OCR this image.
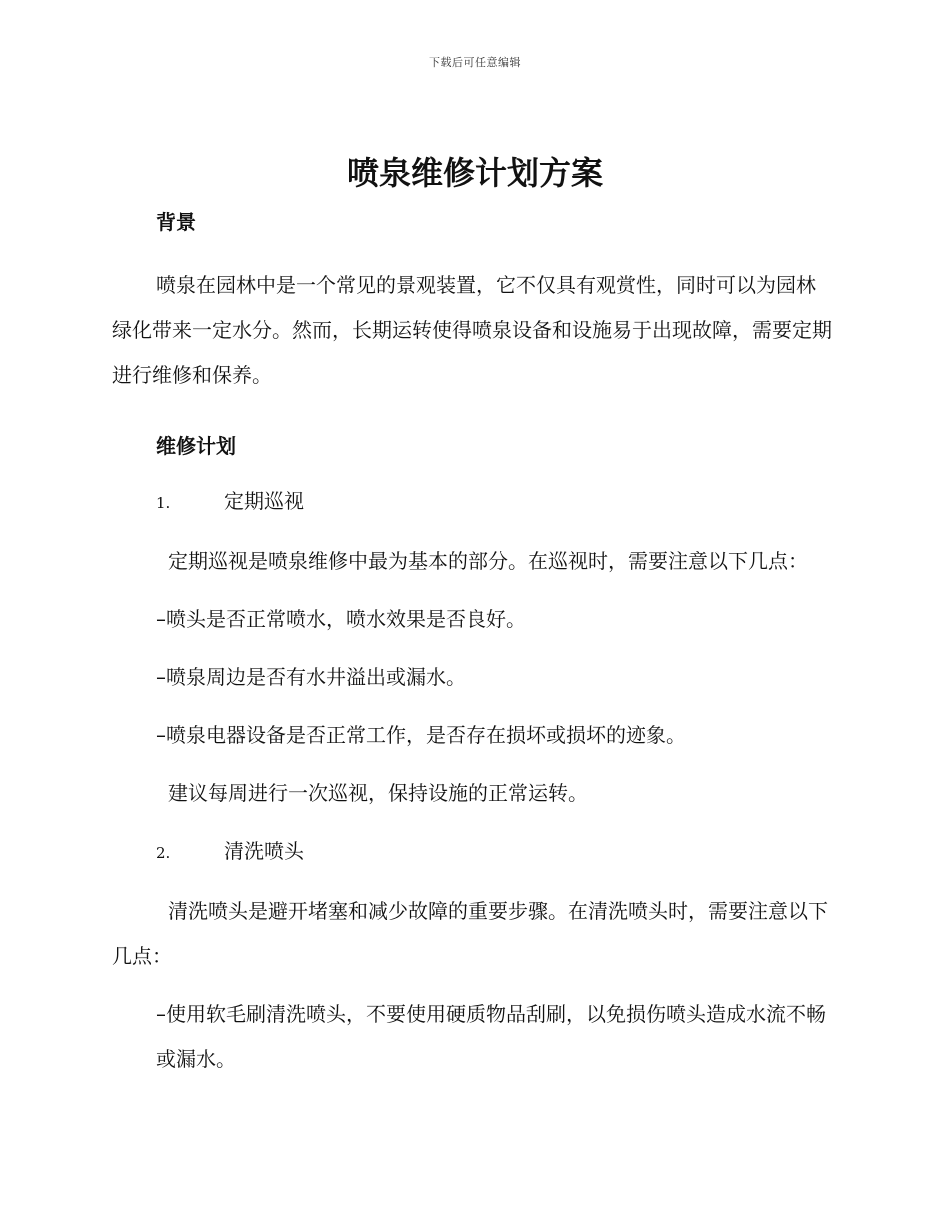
下载后可任意编辑
喷泉维修计划方案
背景

喷泉在园林中是一个常见的景观装置，它不仅具有观赏性，同时可以为园林绿化带来一定水分。然而，长期运转使得喷泉设备和设施易于出现故障，需要定期进行维修和保养。

维修计划
1.	定期巡视

定期巡视是喷泉维修中最为基本的部分。在巡视时，需要注意以下几点：

–喷头是否正常喷水，喷水效果是否良好。

–喷泉周边是否有水井溢出或漏水。

–喷泉电器设备是否正常工作，是否存在损坏或损坏的迹象。

建议每周进行一次巡视，保持设施的正常运转。

2.	清洗喷头

清洗喷头是避开堵塞和减少故障的重要步骤。在清洗喷头时，需要注意以下几点：

–使用软毛刷清洗喷头，不要使用硬质物品刮刷，以免损伤喷头造成水流不畅或漏水。
